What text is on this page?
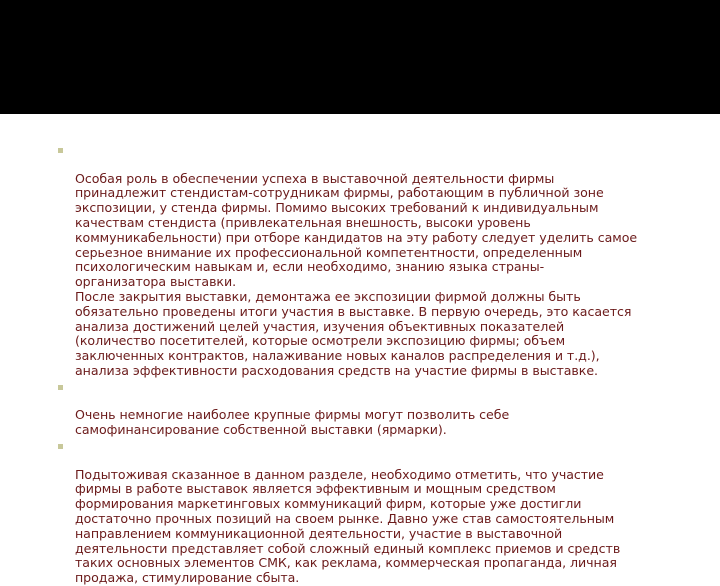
Особая роль в обеспечении успеха в выставочной деятельности фирмы
принадлежит стендистам-сотрудникам фирмы, работающим в публичной зоне
экспозиции, у стенда фирмы. Помимо высоких требований к индивидуальным
качествам стендиста (привлекательная внешность, высоки уровень
коммуникабельности) при отборе кандидатов на эту работу следует уделить самое
серьезное внимание их профессиональной компетентности, определенным
психологическим навыкам и, если необходимо, знанию языка страны-
организатора выставки.
После закрытия выставки, демонтажа ее экспозиции фирмой должны быть
обязательно проведены итоги участия в выставке. В первую очередь, это касается
анализа достижений целей участия, изучения объективных показателей
(количество посетителей, которые осмотрели экспозицию фирмы; объем
заключенных контрактов, налаживание новых каналов распределения и т.д.),
анализа эффективности расходования средств на участие фирмы в выставке.

Очень немногие наиболее крупные фирмы могут позволить себе
самофинансирование собственной выставки (ярмарки).

Подытоживая сказанное в данном разделе, необходимо отметить, что участие
фирмы в работе выставок является эффективным и мощным средством
формирования маркетинговых коммуникаций фирм, которые уже достигли
достаточно прочных позиций на своем рынке. Давно уже став самостоятельным
направлением коммуникационной деятельности, участие в выставочной
деятельности представляет собой сложный единый комплекс приемов и средств
таких основных элементов СМК, как реклама, коммерческая пропаганда, личная
продажа, стимулирование сбыта.
